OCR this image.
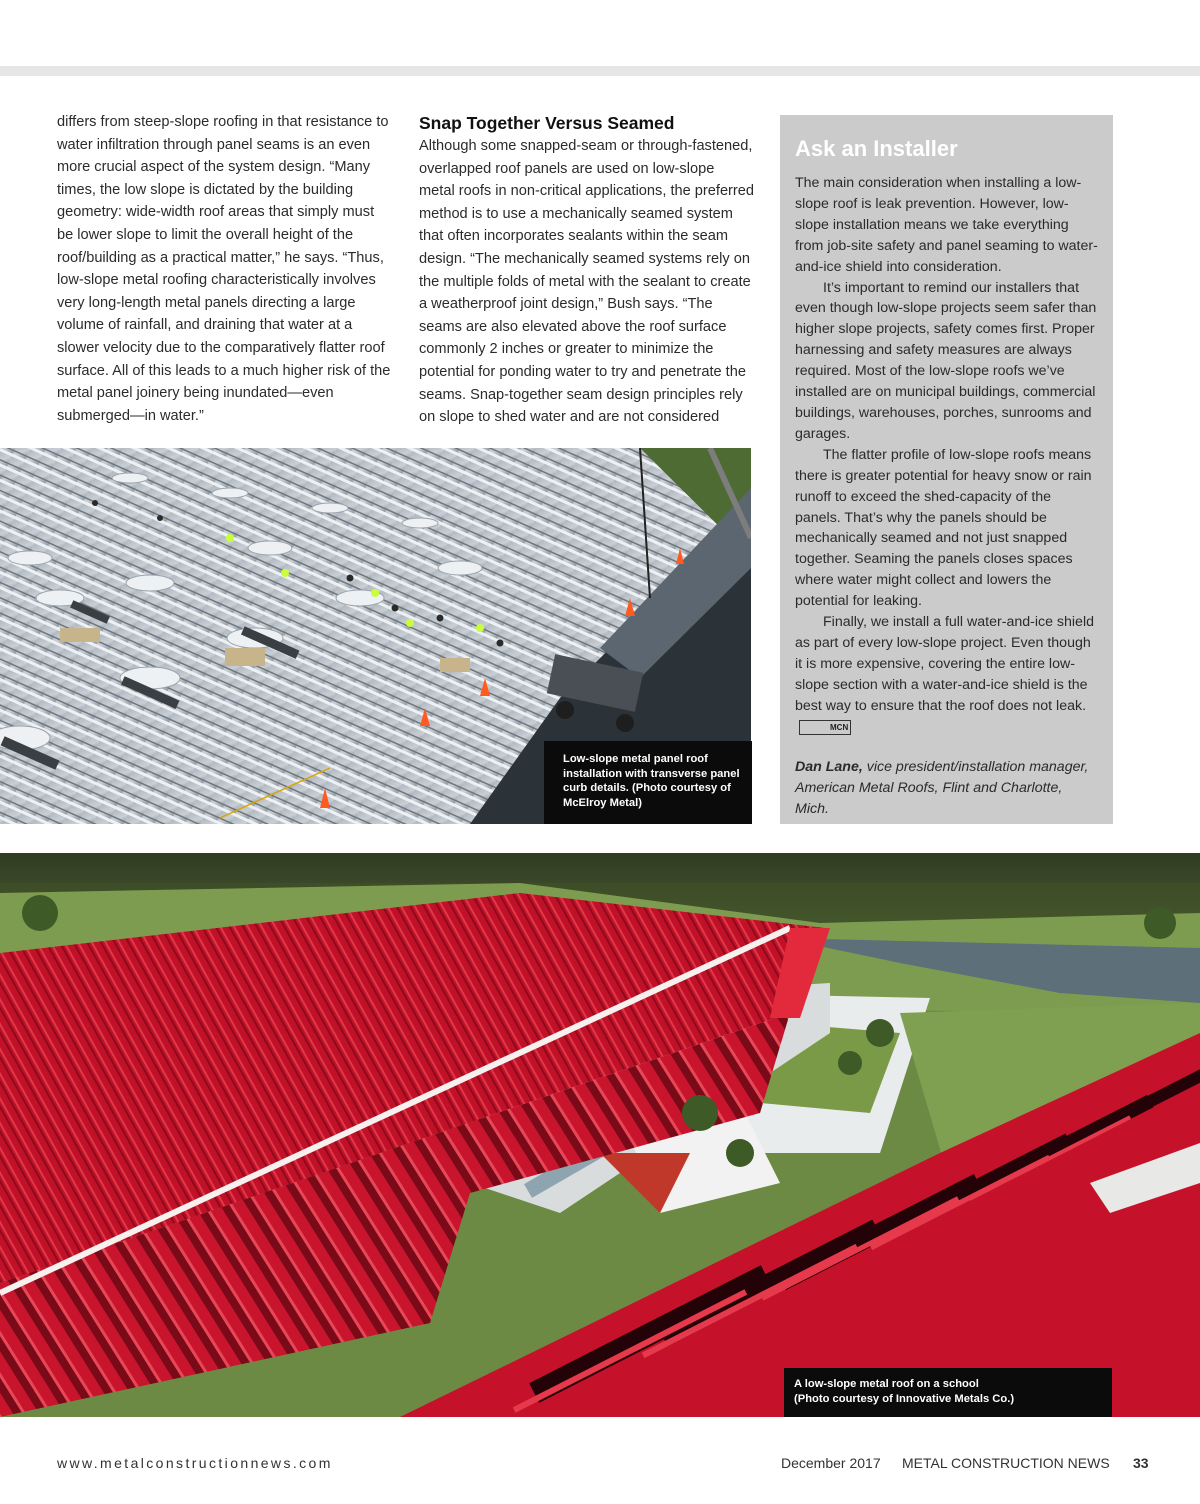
differs from steep-slope roofing in that resistance to water infiltration through panel seams is an even more crucial aspect of the system design. “Many times, the low slope is dictated by the building geometry: wide-width roof areas that simply must be lower slope to limit the overall height of the roof/building as a practical matter,” he says. “Thus, low-slope metal roofing characteristically involves very long-length metal panels directing a large volume of rainfall, and draining that water at a slower velocity due to the comparatively flatter roof surface. All of this leads to a much higher risk of the metal panel joinery being inundated—even submerged—in water.”

Snap Together Versus Seamed

Although some snapped-seam or through-fastened, overlapped roof panels are used on low-slope metal roofs in non-critical applications, the preferred method is to use a mechanically seamed system that often incorporates sealants within the seam design. “The mechanically seamed systems rely on the multiple folds of metal with the sealant to create a weatherproof joint design,” Bush says. “The seams are also elevated above the roof surface commonly 2 inches or greater to minimize the potential for ponding water to try and penetrate the seams. Snap-together seam design principles rely on slope to shed water and are not considered

Ask an Installer

The main consideration when installing a low-slope roof is leak prevention. However, low-slope installation means we take everything from job-site safety and panel seaming to water-and-ice shield into consideration.

It’s important to remind our installers that even though low-slope projects seem safer than higher slope projects, safety comes first. Proper harnessing and safety measures are always required. Most of the low-slope roofs we’ve installed are on municipal buildings, commercial buildings, warehouses, porches, sunrooms and garages.

The flatter profile of low-slope roofs means there is greater potential for heavy snow or rain runoff to exceed the shed-capacity of the panels. That’s why the panels should be mechanically seamed and not just snapped together. Seaming the panels closes spaces where water might collect and lowers the potential for leaking.

Finally, we install a full water-and-ice shield as part of every low-slope project. Even though it is more expensive, covering the entire low-slope section with a water-and-ice shield is the best way to ensure that the roof does not leak.MCN

Dan Lane, vice president/installation manager, American Metal Roofs, Flint and Charlotte, Mich.

Low-slope metal panel roof installation with transverse panel curb details. (Photo courtesy of McElroy Metal)
A low-slope metal roof on a school
(Photo courtesy of Innovative Metals Co.)
www.metalconstructionnews.com	December 2017 METAL CONSTRUCTION NEWS 33
